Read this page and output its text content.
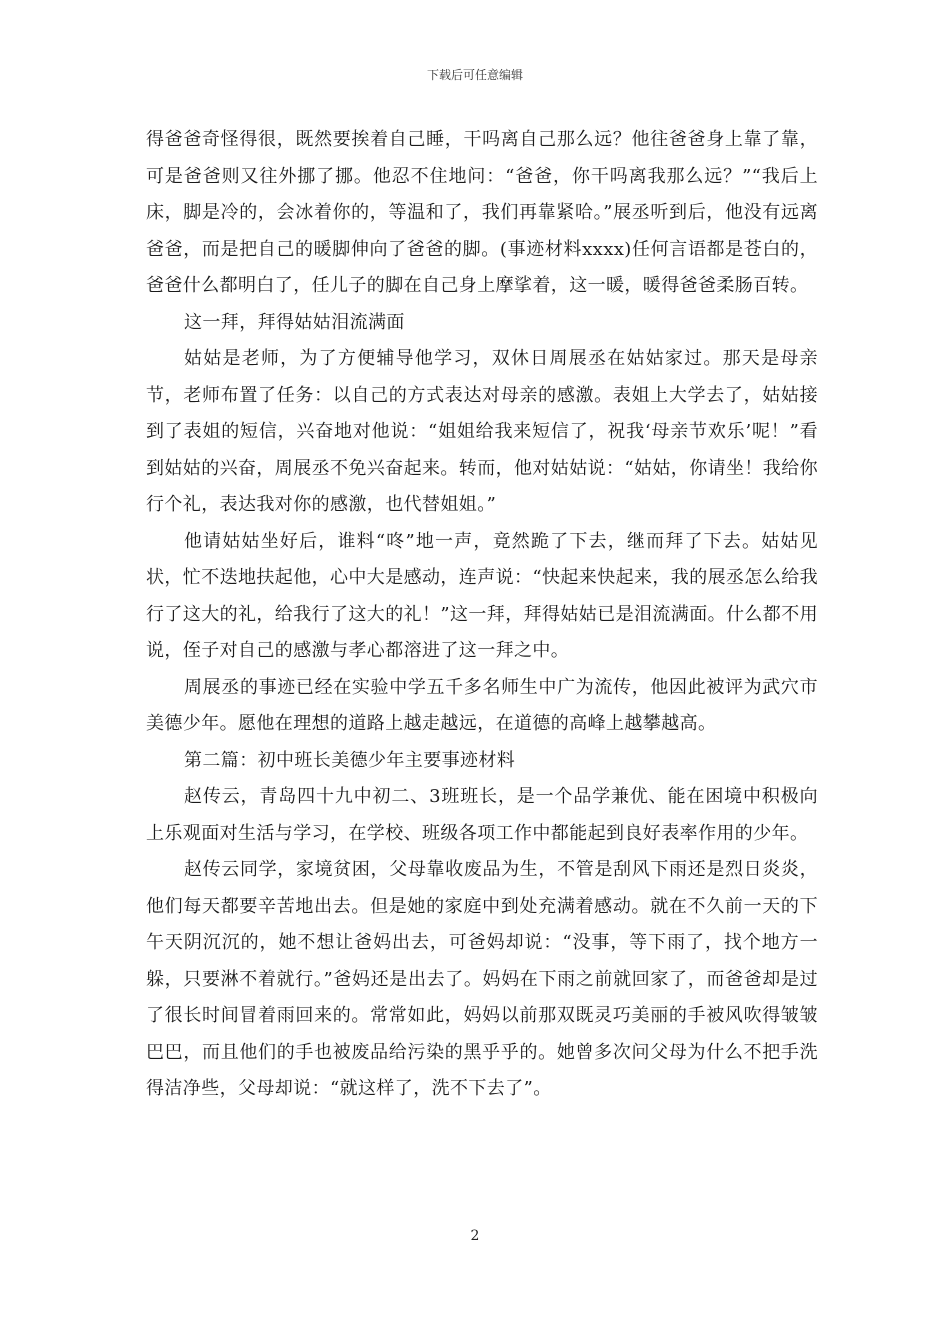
下载后可任意编辑

得爸爸奇怪得很，既然要挨着自己睡，干吗离自己那么远？他往爸爸身上靠了靠，可是爸爸则又往外挪了挪。他忍不住地问：“爸爸，你干吗离我那么远？”“我后上床，脚是冷的，会冰着你的，等温和了，我们再靠紧哈。”展丞听到后，他没有远离爸爸，而是把自己的暖脚伸向了爸爸的脚。(事迹材料xxxx)任何言语都是苍白的，爸爸什么都明白了，任儿子的脚在自己身上摩挲着，这一暖，暖得爸爸柔肠百转。

这一拜，拜得姑姑泪流满面

姑姑是老师，为了方便辅导他学习，双休日周展丞在姑姑家过。那天是母亲节，老师布置了任务：以自己的方式表达对母亲的感激。表姐上大学去了，姑姑接到了表姐的短信，兴奋地对他说：“姐姐给我来短信了，祝我‘母亲节欢乐’呢！”看到姑姑的兴奋，周展丞不免兴奋起来。转而，他对姑姑说：“姑姑，你请坐！我给你行个礼，表达我对你的感激，也代替姐姐。”

他请姑姑坐好后，谁料“咚”地一声，竟然跪了下去，继而拜了下去。姑姑见状，忙不迭地扶起他，心中大是感动，连声说：“快起来快起来，我的展丞怎么给我行了这大的礼，给我行了这大的礼！”这一拜，拜得姑姑已是泪流满面。什么都不用说，侄子对自己的感激与孝心都溶进了这一拜之中。

周展丞的事迹已经在实验中学五千多名师生中广为流传，他因此被评为武穴市美德少年。愿他在理想的道路上越走越远，在道德的高峰上越攀越高。

第二篇：初中班长美德少年主要事迹材料

赵传云，青岛四十九中初二、3班班长，是一个品学兼优、能在困境中积极向上乐观面对生活与学习，在学校、班级各项工作中都能起到良好表率作用的少年。

赵传云同学，家境贫困，父母靠收废品为生，不管是刮风下雨还是烈日炎炎，他们每天都要辛苦地出去。但是她的家庭中到处充满着感动。就在不久前一天的下午天阴沉沉的，她不想让爸妈出去，可爸妈却说：“没事，等下雨了，找个地方一躲，只要淋不着就行。”爸妈还是出去了。妈妈在下雨之前就回家了，而爸爸却是过了很长时间冒着雨回来的。常常如此，妈妈以前那双既灵巧美丽的手被风吹得皱皱巴巴，而且他们的手也被废品给污染的黑乎乎的。她曾多次问父母为什么不把手洗得洁净些，父母却说：“就这样了，洗不下去了”。

2
